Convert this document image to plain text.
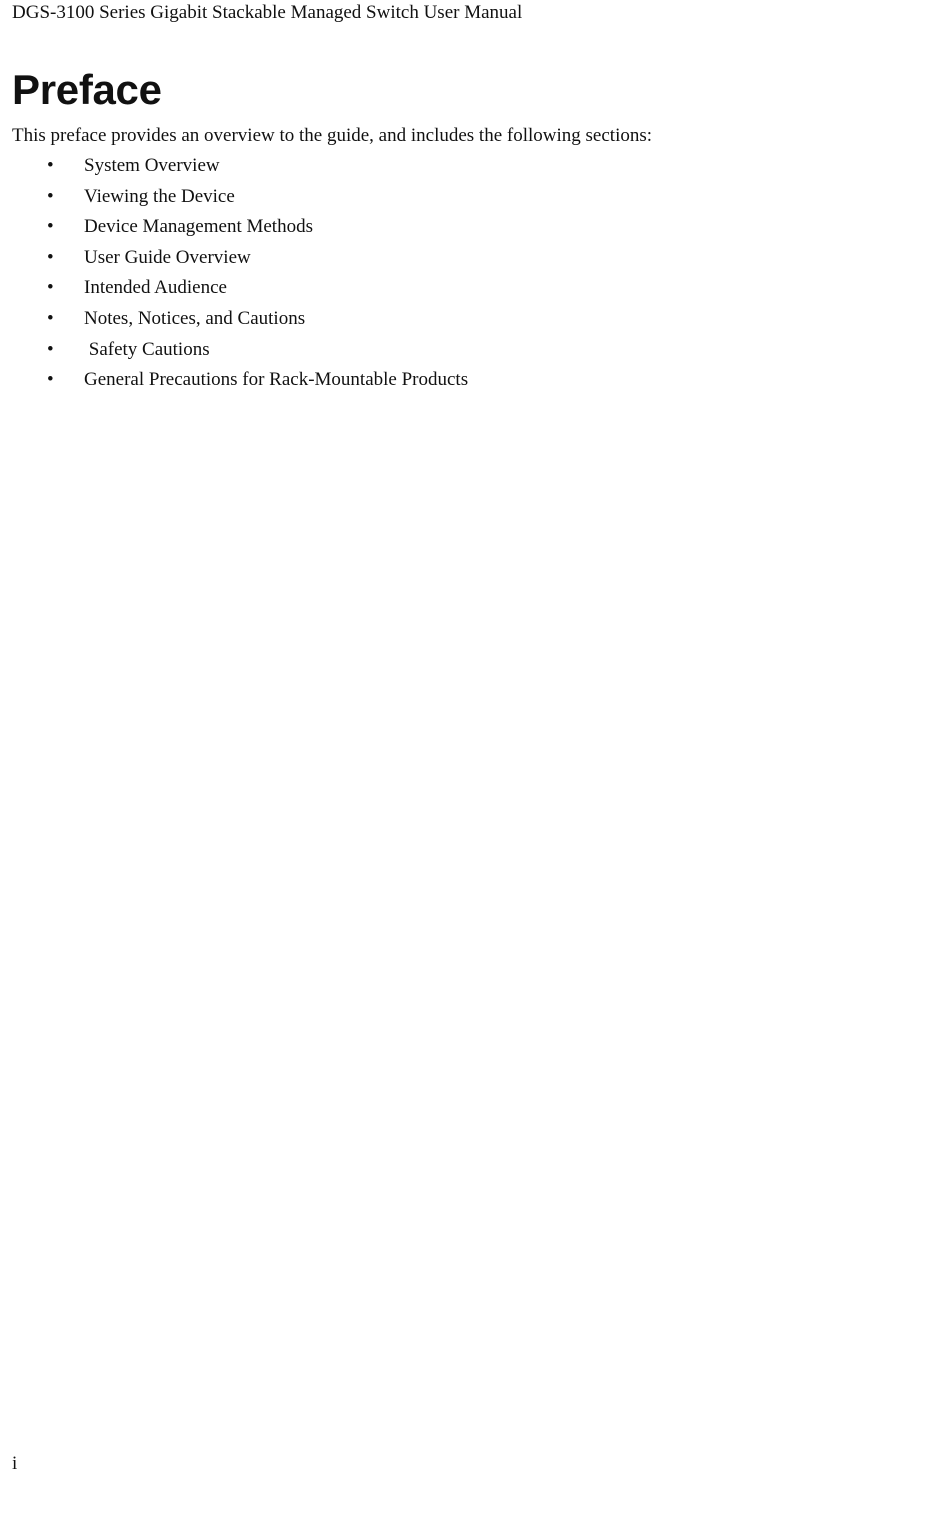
DGS-3100 Series Gigabit Stackable Managed Switch User Manual
Preface

This preface provides an overview to the guide, and includes the following sections:

•

System Overview

•

Viewing the Device

•

Device Management Methods

•

User Guide Overview

•

Intended Audience

•

Notes, Notices, and Cautions

•

Safety Cautions

•

General Precautions for Rack-Mountable Products

i
